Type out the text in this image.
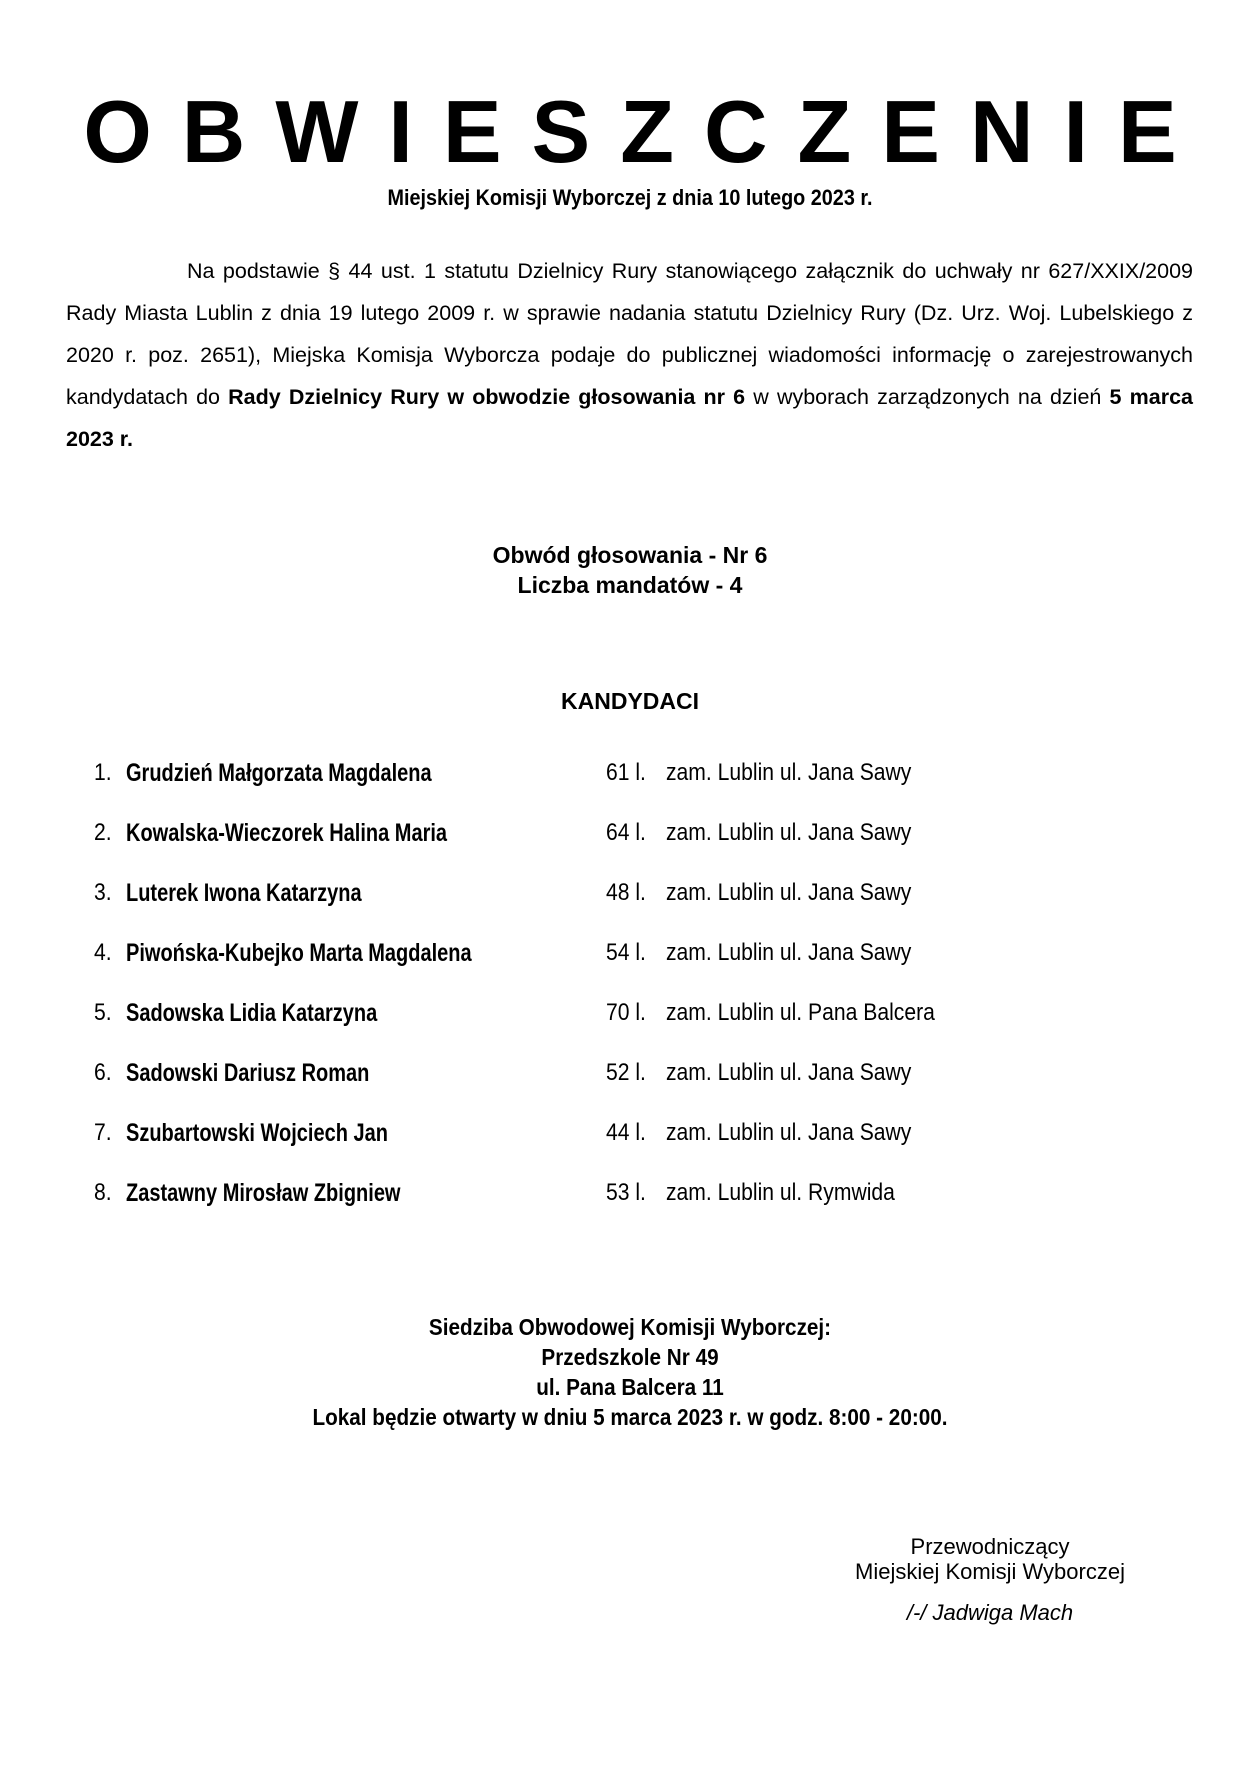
OBWIESZCZENIE
Miejskiej Komisji Wyborczej z dnia 10 lutego 2023 r.
Na podstawie § 44 ust. 1 statutu Dzielnicy Rury stanowiącego załącznik do uchwały nr 627/XXIX/2009 Rady Miasta Lublin z dnia 19 lutego 2009 r. w sprawie nadania statutu Dzielnicy Rury (Dz. Urz. Woj. Lubelskiego z 2020 r. poz. 2651), Miejska Komisja Wyborcza podaje do publicznej wiadomości informację o zarejestrowanych kandydatach do Rady Dzielnicy Rury w obwodzie głosowania nr 6 w wyborach zarządzonych na dzień 5 marca 2023 r.
Obwód głosowania - Nr 6
Liczba mandatów - 4
KANDYDACI
1. Grudzień Małgorzata Magdalena	61 l. zam. Lublin ul. Jana Sawy
2. Kowalska-Wieczorek Halina Maria	64 l. zam. Lublin ul. Jana Sawy
3. Luterek Iwona Katarzyna	48 l. zam. Lublin ul. Jana Sawy
4. Piwońska-Kubejko Marta Magdalena	54 l. zam. Lublin ul. Jana Sawy
5. Sadowska Lidia Katarzyna	70 l. zam. Lublin ul. Pana Balcera
6. Sadowski Dariusz Roman	52 l. zam. Lublin ul. Jana Sawy
7. Szubartowski Wojciech Jan	44 l. zam. Lublin ul. Jana Sawy
8. Zastawny Mirosław Zbigniew	53 l. zam. Lublin ul. Rymwida
Siedziba Obwodowej Komisji Wyborczej:
Przedszkole Nr 49
ul. Pana Balcera 11
Lokal będzie otwarty w dniu 5 marca 2023 r. w godz. 8:00 - 20:00.
Przewodniczący
Miejskiej Komisji Wyborczej
/-/ Jadwiga Mach
